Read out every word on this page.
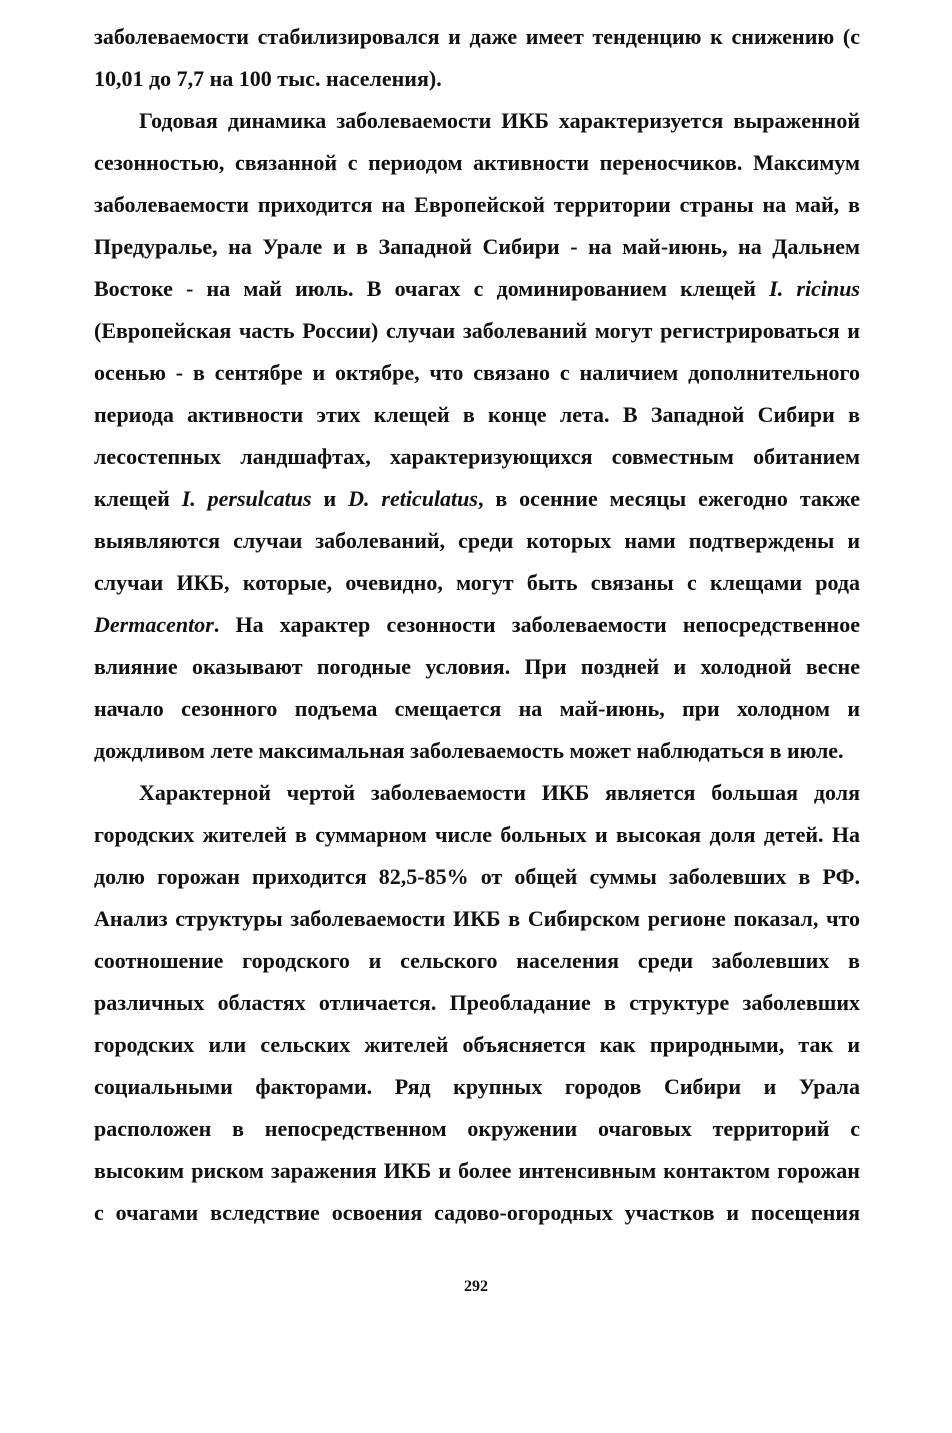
заболеваемости стабилизировался и даже имеет тенденцию к снижению (с
10,01 до 7,7 на 100 тыс. населения).
Годовая динамика заболеваемости ИКБ характеризуется выраженной
сезонностью, связанной с периодом активности переносчиков. Максимум
заболеваемости приходится на Европейской территории страны на май, в
Предуралье, на Урале и в Западной Сибири - на май-июнь, на Дальнем
Востоке - на май июль. В очагах с доминированием клещей I. ricinus
(Европейская часть России) случаи заболеваний могут регистрироваться и
осенью - в сентябре и октябре, что связано с наличием дополнительного
периода активности этих клещей в конце лета. В Западной Сибири в
лесостепных ландшафтах, характеризующихся совместным обитанием
клещей I. persulcatus и D. reticulatus, в осенние месяцы ежегодно также
выявляются случаи заболеваний, среди которых нами подтверждены и
случаи ИКБ, которые, очевидно, могут быть связаны с клещами рода
Dermacentor. На характер сезонности заболеваемости непосредственное
влияние оказывают погодные условия. При поздней и холодной весне
начало сезонного подъема смещается на май-июнь, при холодном и
дождливом лете максимальная заболеваемость может наблюдаться в июле.
Характерной чертой заболеваемости ИКБ является большая доля
городских жителей в суммарном числе больных и высокая доля детей. На
долю горожан приходится 82,5-85% от общей суммы заболевших в РФ.
Анализ структуры заболеваемости ИКБ в Сибирском регионе показал, что
соотношение городского и сельского населения среди заболевших в
различных областях отличается. Преобладание в структуре заболевших
городских или сельских жителей объясняется как природными, так и
социальными факторами. Ряд крупных городов Сибири и Урала
расположен в непосредственном окружении очаговых территорий с
высоким риском заражения ИКБ и более интенсивным контактом горожан
с очагами вследствие освоения садово-огородных участков и посещения
292
